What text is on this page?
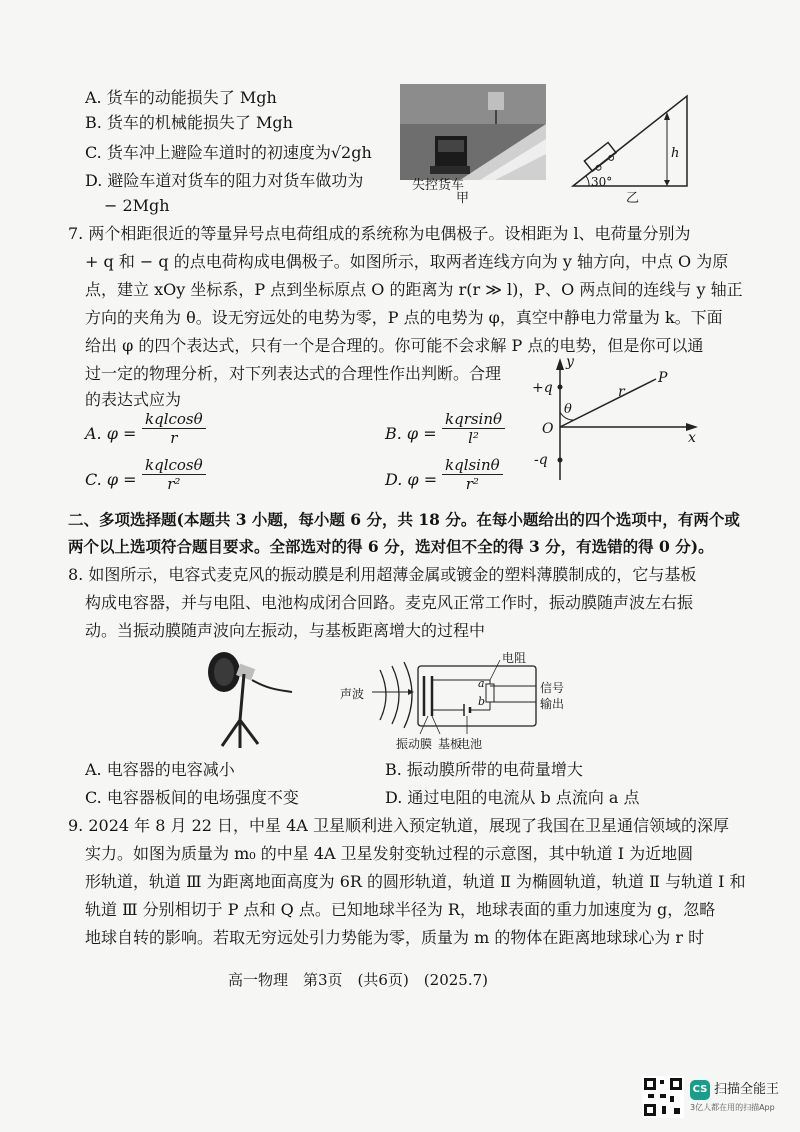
A. 货车的动能损失了 Mgh
B. 货车的机械能损失了 Mgh
C. 货车冲上避险车道时的初速度为√2gh
D. 避险车道对货车的阻力对货车做功为
− 2Mgh
失控货车
甲
30°
h
乙
7. 两个相距很近的等量异号点电荷组成的系统称为电偶极子。设相距为 l、电荷量分别为
+ q 和 − q 的点电荷构成电偶极子。如图所示，取两者连线方向为 y 轴方向，中点 O 为原
点，建立 xOy 坐标系，P 点到坐标原点 O 的距离为 r(r ≫ l)，P、O 两点间的连线与 y 轴正
方向的夹角为 θ。设无穷远处的电势为零，P 点的电势为 φ，真空中静电力常量为 k。下面
给出 φ 的四个表达式，只有一个是合理的。你可能不会求解 P 点的电势，但是你可以通
过一定的物理分析，对下列表达式的合理性作出判断。合理
的表达式应为
A. φ =
kqlcosθ
r	B. φ =
kqrsinθ
l²
C. φ =
kqlcosθ
r²	D. φ =
kqlsinθ
r²
y
x
O
+q
-q
r
P
θ
二、多项选择题(本题共 3 小题，每小题 6 分，共 18 分。在每小题给出的四个选项中，有两个或
两个以上选项符合题目要求。全部选对的得 6 分，选对但不全的得 3 分，有选错的得 0 分)。
8. 如图所示，电容式麦克风的振动膜是利用超薄金属或镀金的塑料薄膜制成的，它与基板
构成电容器，并与电阻、电池构成闭合回路。麦克风正常工作时，振动膜随声波左右振
动。当振动膜随声波向左振动，与基板距离增大的过程中
声波
电阻
a
b
信号
输出
振动膜 基板
电池
A. 电容器的电容减小	B. 振动膜所带的电荷量增大
C. 电容器板间的电场强度不变	D. 通过电阻的电流从 b 点流向 a 点
9. 2024 年 8 月 22 日，中星 4A 卫星顺利进入预定轨道，展现了我国在卫星通信领域的深厚
实力。如图为质量为 m₀ 的中星 4A 卫星发射变轨过程的示意图，其中轨道 Ⅰ 为近地圆
形轨道，轨道 Ⅲ 为距离地面高度为 6R 的圆形轨道，轨道 Ⅱ 为椭圆轨道，轨道 Ⅱ 与轨道 Ⅰ 和
轨道 Ⅲ 分别相切于 P 点和 Q 点。已知地球半径为 R，地球表面的重力加速度为 g，忽略
地球自转的影响。若取无穷远处引力势能为零，质量为 m 的物体在距离地球球心为 r 时
高一物理　第3页　(共6页)　(2025.7)
CS 扫描全能王
3亿人都在用的扫描App
